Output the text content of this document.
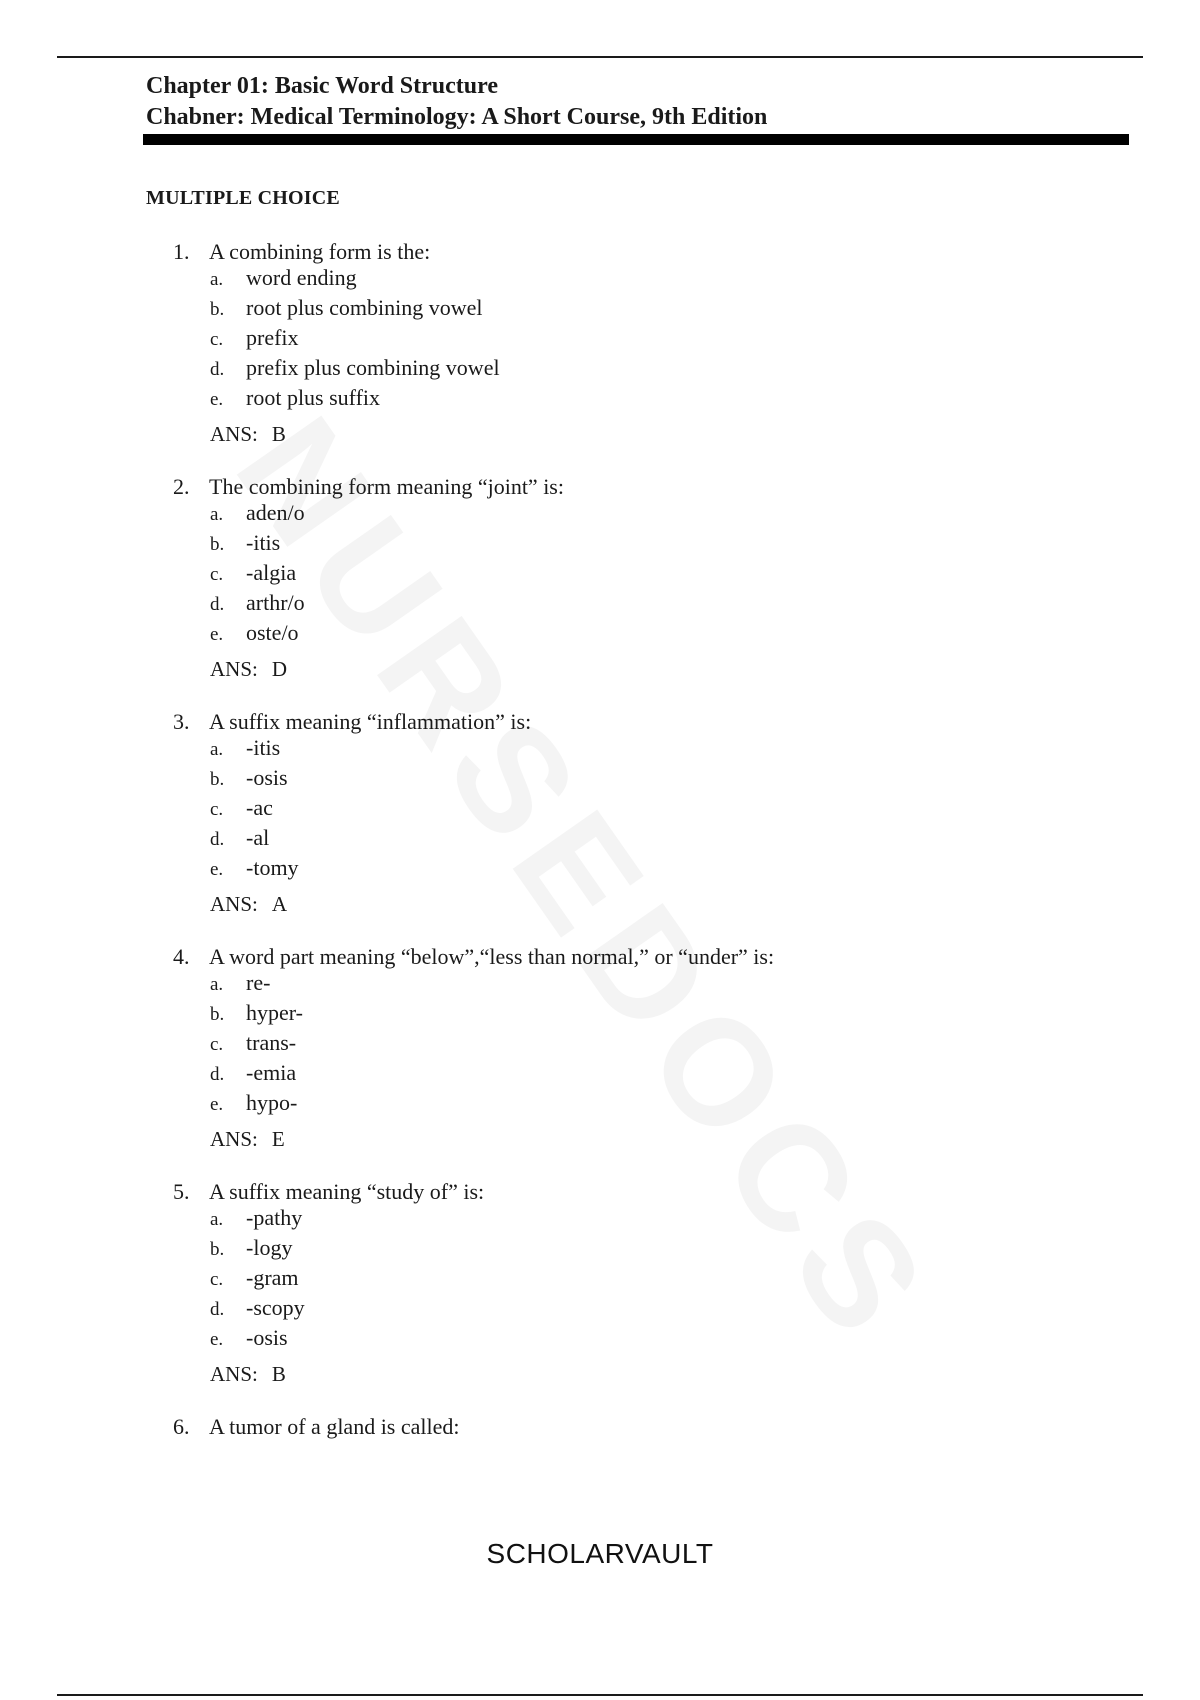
Chapter 01: Basic Word Structure
Chabner: Medical Terminology: A Short Course, 9th Edition
MULTIPLE CHOICE
1. A combining form is the:
a. word ending
b. root plus combining vowel
c. prefix
d. prefix plus combining vowel
e. root plus suffix
ANS: B
2. The combining form meaning “joint” is:
a. aden/o
b. -itis
c. -algia
d. arthr/o
e. oste/o
ANS: D
3. A suffix meaning “inflammation” is:
a. -itis
b. -osis
c. -ac
d. -al
e. -tomy
ANS: A
4. A word part meaning “below”,“less than normal,” or “under” is:
a. re-
b. hyper-
c. trans-
d. -emia
e. hypo-
ANS: E
5. A suffix meaning “study of” is:
a. -pathy
b. -logy
c. -gram
d. -scopy
e. -osis
ANS: B
6. A tumor of a gland is called:
SCHOLARVAULT
